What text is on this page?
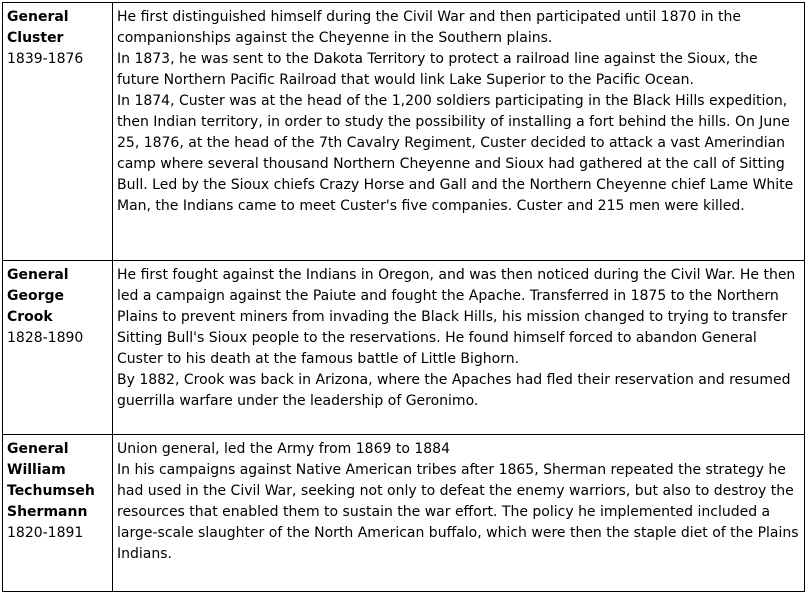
General Cluster 1839-1876	He first distinguished himself during the Civil War and then participated until 1870 in the companionships against the Cheyenne in the Southern plains.
In 1873, he was sent to the Dakota Territory to protect a railroad line against the Sioux, the future Northern Pacific Railroad that would link Lake Superior to the Pacific Ocean.
In 1874, Custer was at the head of the 1,200 soldiers participating in the Black Hills expedition, then Indian territory, in order to study the possibility of installing a fort behind the hills. On June 25, 1876, at the head of the 7th Cavalry Regiment, Custer decided to attack a vast Amerindian camp where several thousand Northern Cheyenne and Sioux had gathered at the call of Sitting Bull. Led by the Sioux chiefs Crazy Horse and Gall and the Northern Cheyenne chief Lame White Man, the Indians came to meet Custer's five companies. Custer and 215 men were killed.

General George Crook
1828-1890	He first fought against the Indians in Oregon, and was then noticed during the Civil War. He then led a campaign against the Paiute and fought the Apache. Transferred in 1875 to the Northern Plains to prevent miners from invading the Black Hills, his mission changed to trying to transfer Sitting Bull's Sioux people to the reservations. He found himself forced to abandon General Custer to his death at the famous battle of Little Bighorn.
By 1882, Crook was back in Arizona, where the Apaches had fled their reservation and resumed guerrilla warfare under the leadership of Geronimo.

General William Techumseh Shermann
1820-1891	Union general, led the Army from 1869 to 1884
In his campaigns against Native American tribes after 1865, Sherman repeated the strategy he had used in the Civil War, seeking not only to defeat the enemy warriors, but also to destroy the resources that enabled them to sustain the war effort. The policy he implemented included a large-scale slaughter of the North American buffalo, which were then the staple diet of the Plains Indians.
